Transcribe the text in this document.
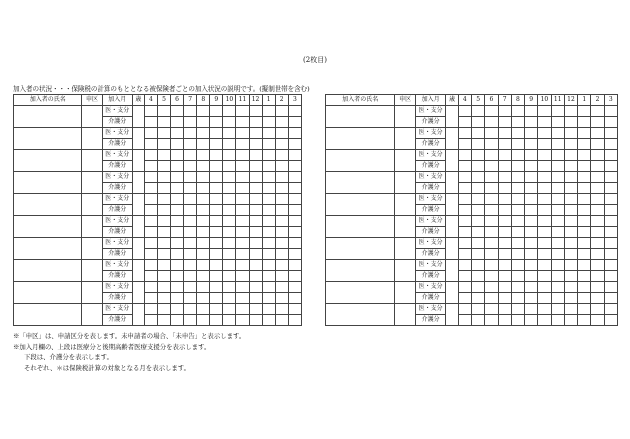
(2枚目)
加入者の状況・・・保険税の計算のもととなる被保険者ごとの加入状況の説明です。(擬制世帯を含む)
加入者の氏名	申区	加入月	歳	4	5	6	7	8	9	10	11	12	1	2	3
		医・支分													
		介護分													
		医・支分													
		介護分													
		医・支分													
		介護分													
		医・支分													
		介護分													
		医・支分													
		介護分													
		医・支分													
		介護分													
		医・支分													
		介護分													
		医・支分													
		介護分													
		医・支分													
		介護分													
		医・支分													
		介護分													
加入者の氏名	申区	加入月	歳	4	5	6	7	8	9	10	11	12	1	2	3
		医・支分													
		介護分													
		医・支分													
		介護分													
		医・支分													
		介護分													
		医・支分													
		介護分													
		医・支分													
		介護分													
		医・支分													
		介護分													
		医・支分													
		介護分													
		医・支分													
		介護分													
		医・支分													
		介護分													
		医・支分													
		介護分													
※「申区」は、申請区分を表します。未申請者の場合、「未申告」と表示します。
※加入月欄の、上段は医療分と後期高齢者医療支援分を表示します。
下段は、介護分を表示します。
それぞれ、＊は保険税計算の対象となる月を表示します。
